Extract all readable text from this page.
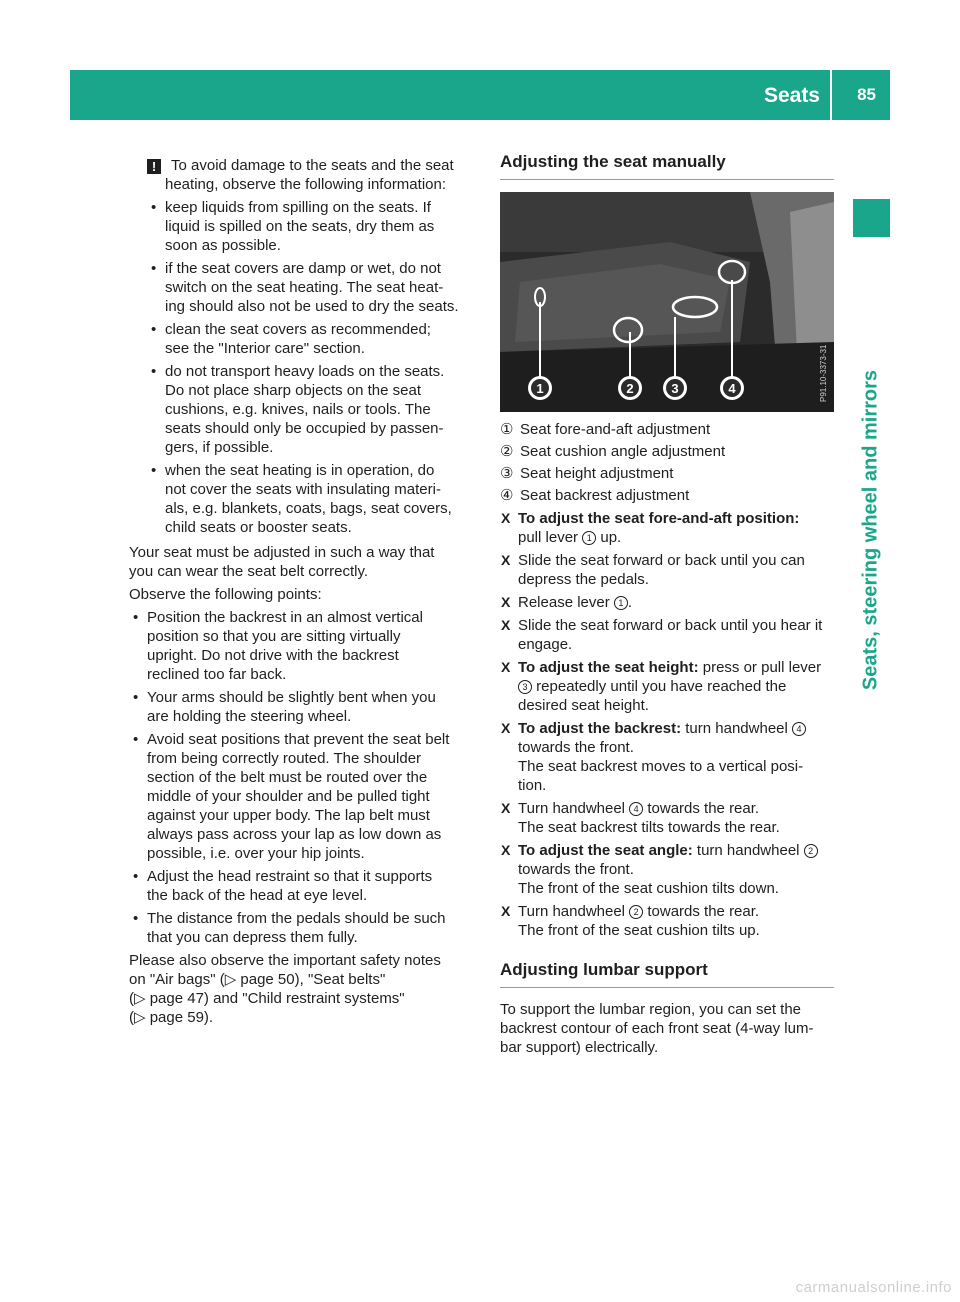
Seats 85
Seats, steering wheel and mirrors

! To avoid damage to the seats and the seat

heating, observe the following information:

• keep liquids from spilling on the seats. If
liquid is spilled on the seats, dry them as
soon as possible.
• if the seat covers are damp or wet, do not
switch on the seat heating. The seat heat-
ing should also not be used to dry the seats.
• clean the seat covers as recommended;
see the "Interior care" section.
• do not transport heavy loads on the seats.
Do not place sharp objects on the seat
cushions, e.g. knives, nails or tools. The
seats should only be occupied by passen-
gers, if possible.
• when the seat heating is in operation, do
not cover the seats with insulating materi-
als, e.g. blankets, coats, bags, seat covers,
child seats or booster seats.

Your seat must be adjusted in such a way that
you can wear the seat belt correctly.

Observe the following points:

• Position the backrest in an almost vertical
position so that you are sitting virtually
upright. Do not drive with the backrest
reclined too far back.
• Your arms should be slightly bent when you
are holding the steering wheel.
• Avoid seat positions that prevent the seat belt
from being correctly routed. The shoulder
section of the belt must be routed over the
middle of your shoulder and be pulled tight
against your upper body. The lap belt must
always pass across your lap as low down as
possible, i.e. over your hip joints.
• Adjust the head restraint so that it supports
the back of the head at eye level.
• The distance from the pedals should be such
that you can depress them fully.

Please also observe the important safety notes
on "Air bags" (▷ page 50), "Seat belts"
(▷ page 47) and "Child restraint systems"
(▷ page 59).

Adjusting the seat manually
1	2	3	4	P91.10-3373-31
① Seat fore-and-aft adjustment
② Seat cushion angle adjustment
③ Seat height adjustment
④ Seat backrest adjustment
X To adjust the seat fore-and-aft position:
pull lever 1 up.
X Slide the seat forward or back until you can
depress the pedals.
X Release lever 1 .
X Slide the seat forward or back until you hear it
engage.
X To adjust the seat height: press or pull lever
3 repeatedly until you have reached the
desired seat height.
X To adjust the backrest: turn handwheel 4
towards the front.
The seat backrest moves to a vertical posi-
tion.
X Turn handwheel 4 towards the rear.
The seat backrest tilts towards the rear.
X To adjust the seat angle: turn handwheel 2
towards the front.
The front of the seat cushion tilts down.
X Turn handwheel 2 towards the rear.
The front of the seat cushion tilts up.
Adjusting lumbar support

To support the lumbar region, you can set the
backrest contour of each front seat (4-way lum-
bar support) electrically.

carmanualsonline.info
